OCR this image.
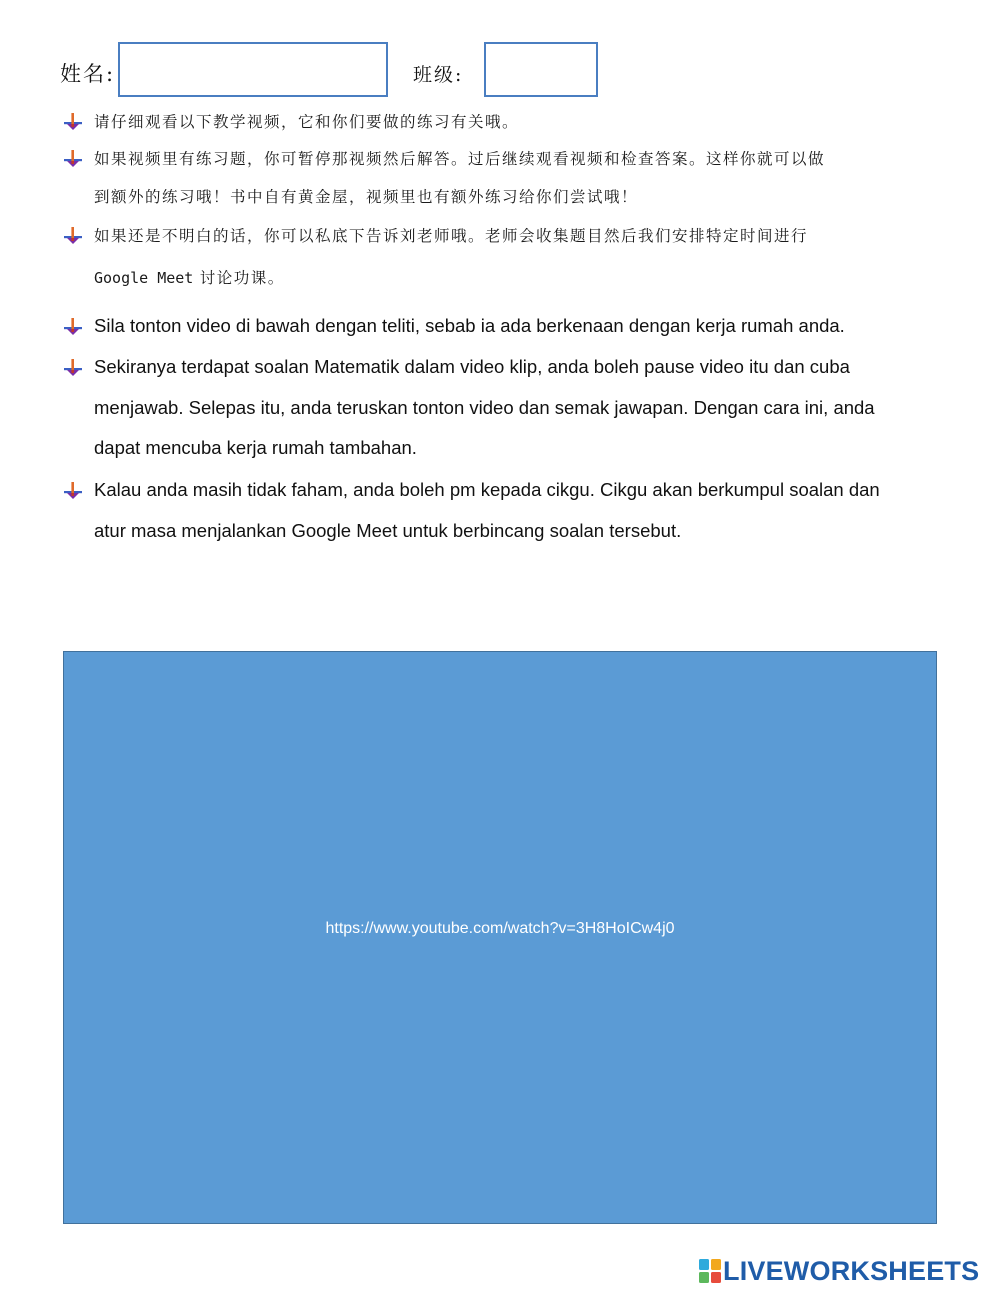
姓名:	班级:
请仔细观看以下教学视频，它和你们要做的练习有关哦。
如果视频里有练习题，你可暂停那视频然后解答。过后继续观看视频和检查答案。这样你就可以做
到额外的练习哦！书中自有黄金屋，视频里也有额外练习给你们尝试哦！
如果还是不明白的话，你可以私底下告诉刘老师哦。老师会收集题目然后我们安排特定时间进行
Google Meet 讨论功课。
Sila tonton video di bawah dengan teliti, sebab ia ada berkenaan dengan kerja rumah anda.
Sekiranya terdapat soalan Matematik dalam video klip, anda boleh pause video itu dan cuba
menjawab. Selepas itu, anda teruskan tonton video dan semak jawapan. Dengan cara ini, anda
dapat mencuba kerja rumah tambahan.
Kalau anda masih tidak faham, anda boleh pm kepada cikgu. Cikgu akan berkumpul soalan dan
atur masa menjalankan Google Meet untuk berbincang soalan tersebut.
https://www.youtube.com/watch?v=3H8HoICw4j0
LIVEWORKSHEETS
